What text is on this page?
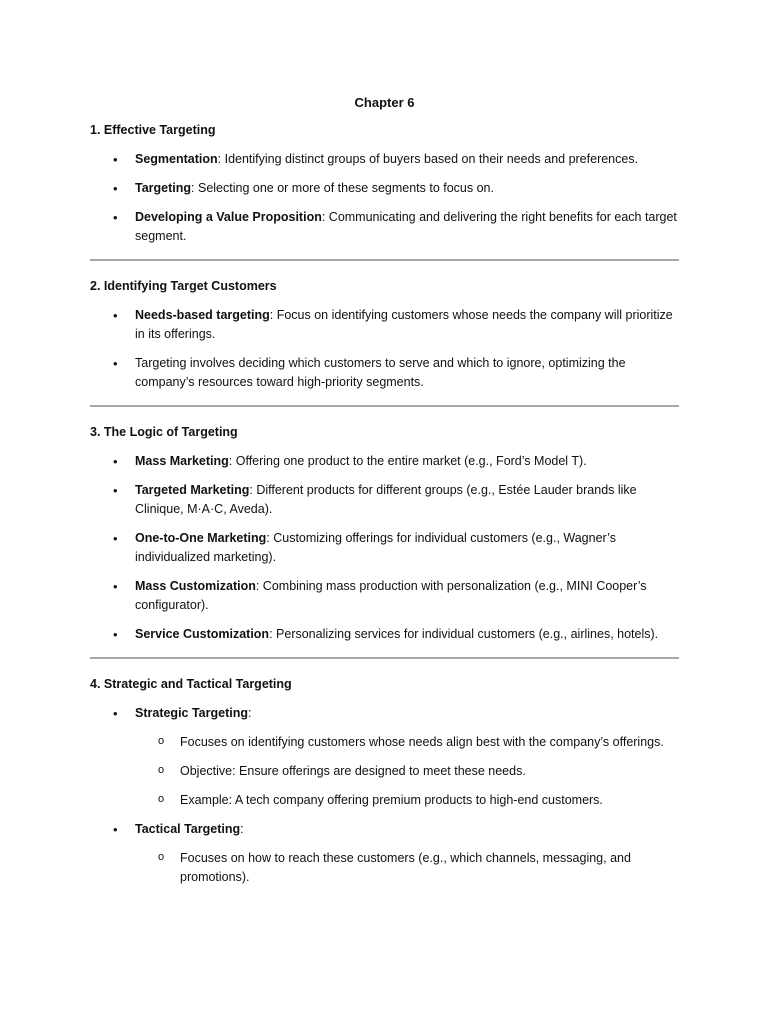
Chapter 6
1. Effective Targeting
• Segmentation: Identifying distinct groups of buyers based on their needs and preferences.
• Targeting: Selecting one or more of these segments to focus on.
• Developing a Value Proposition: Communicating and delivering the right benefits for each target segment.
2. Identifying Target Customers
• Needs-based targeting: Focus on identifying customers whose needs the company will prioritize in its offerings.
• Targeting involves deciding which customers to serve and which to ignore, optimizing the company’s resources toward high-priority segments.
3. The Logic of Targeting
• Mass Marketing: Offering one product to the entire market (e.g., Ford’s Model T).
• Targeted Marketing: Different products for different groups (e.g., Estée Lauder brands like Clinique, M·A·C, Aveda).
• One-to-One Marketing: Customizing offerings for individual customers (e.g., Wagner’s individualized marketing).
• Mass Customization: Combining mass production with personalization (e.g., MINI Cooper’s configurator).
• Service Customization: Personalizing services for individual customers (e.g., airlines, hotels).
4. Strategic and Tactical Targeting
• Strategic Targeting:
o Focuses on identifying customers whose needs align best with the company’s offerings.
o Objective: Ensure offerings are designed to meet these needs.
o Example: A tech company offering premium products to high-end customers.
• Tactical Targeting:
o Focuses on how to reach these customers (e.g., which channels, messaging, and promotions).
